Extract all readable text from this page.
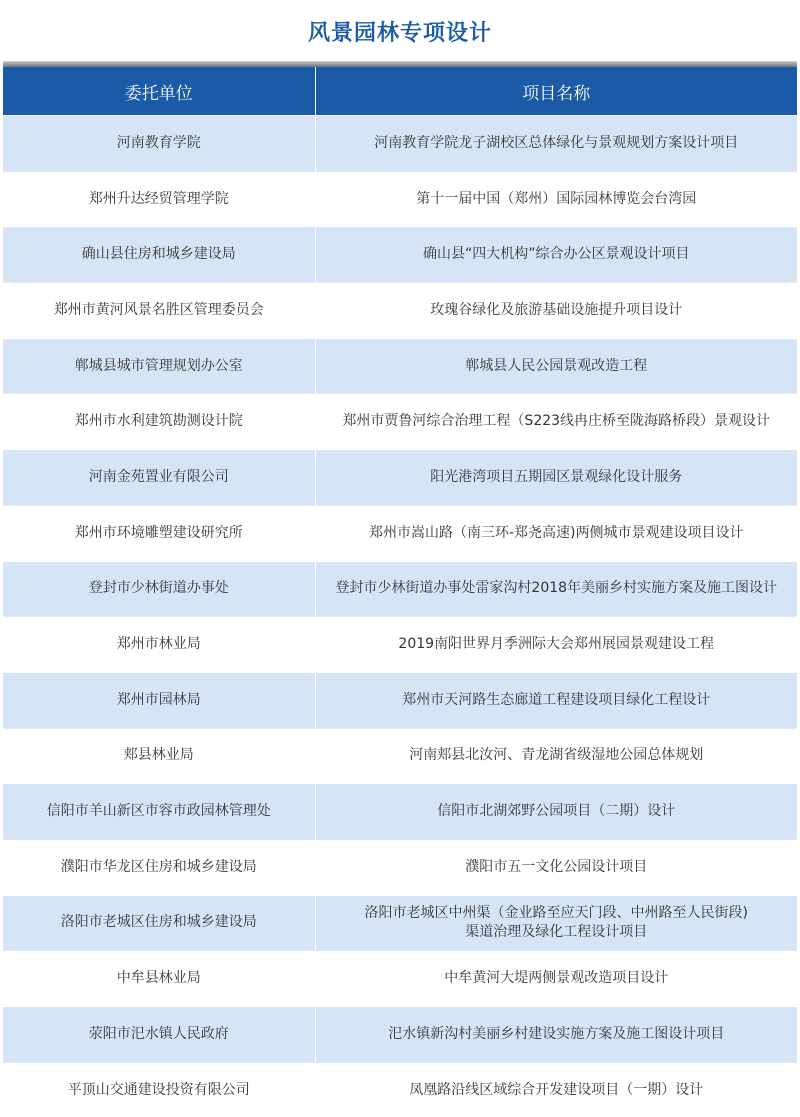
风景园林专项设计
委托单位	项目名称
河南教育学院	河南教育学院龙子湖校区总体绿化与景观规划方案设计项目

郑州升达经贸管理学院	第十一届中国（郑州）国际园林博览会台湾园

确山县住房和城乡建设局	确山县“四大机构”综合办公区景观设计项目

郑州市黄河风景名胜区管理委员会	玫瑰谷绿化及旅游基础设施提升项目设计

郸城县城市管理规划办公室	郸城县人民公园景观改造工程

郑州市水利建筑勘测设计院	郑州市贾鲁河综合治理工程（S223线冉庄桥至陇海路桥段）景观设计

河南金苑置业有限公司	阳光港湾项目五期园区景观绿化设计服务

郑州市环境雕塑建设研究所	郑州市嵩山路（南三环-郑尧高速)两侧城市景观建设项目设计

登封市少林街道办事处	登封市少林街道办事处雷家沟村2018年美丽乡村实施方案及施工图设计

郑州市林业局	2019南阳世界月季洲际大会郑州展园景观建设工程

郑州市园林局	郑州市天河路生态廊道工程建设项目绿化工程设计

郏县林业局	河南郏县北汝河、青龙湖省级湿地公园总体规划

信阳市羊山新区市容市政园林管理处	信阳市北湖郊野公园项目（二期）设计

濮阳市华龙区住房和城乡建设局	濮阳市五一文化公园设计项目

洛阳市老城区住房和城乡建设局	洛阳市老城区中州渠（金业路至应天门段、中州路至人民街段)
渠道治理及绿化工程设计项目

中牟县林业局	中牟黄河大堤两侧景观改造项目设计

荥阳市汜水镇人民政府	汜水镇新沟村美丽乡村建设实施方案及施工图设计项目

平顶山交通建设投资有限公司	凤凰路沿线区域综合开发建设项目（一期）设计
